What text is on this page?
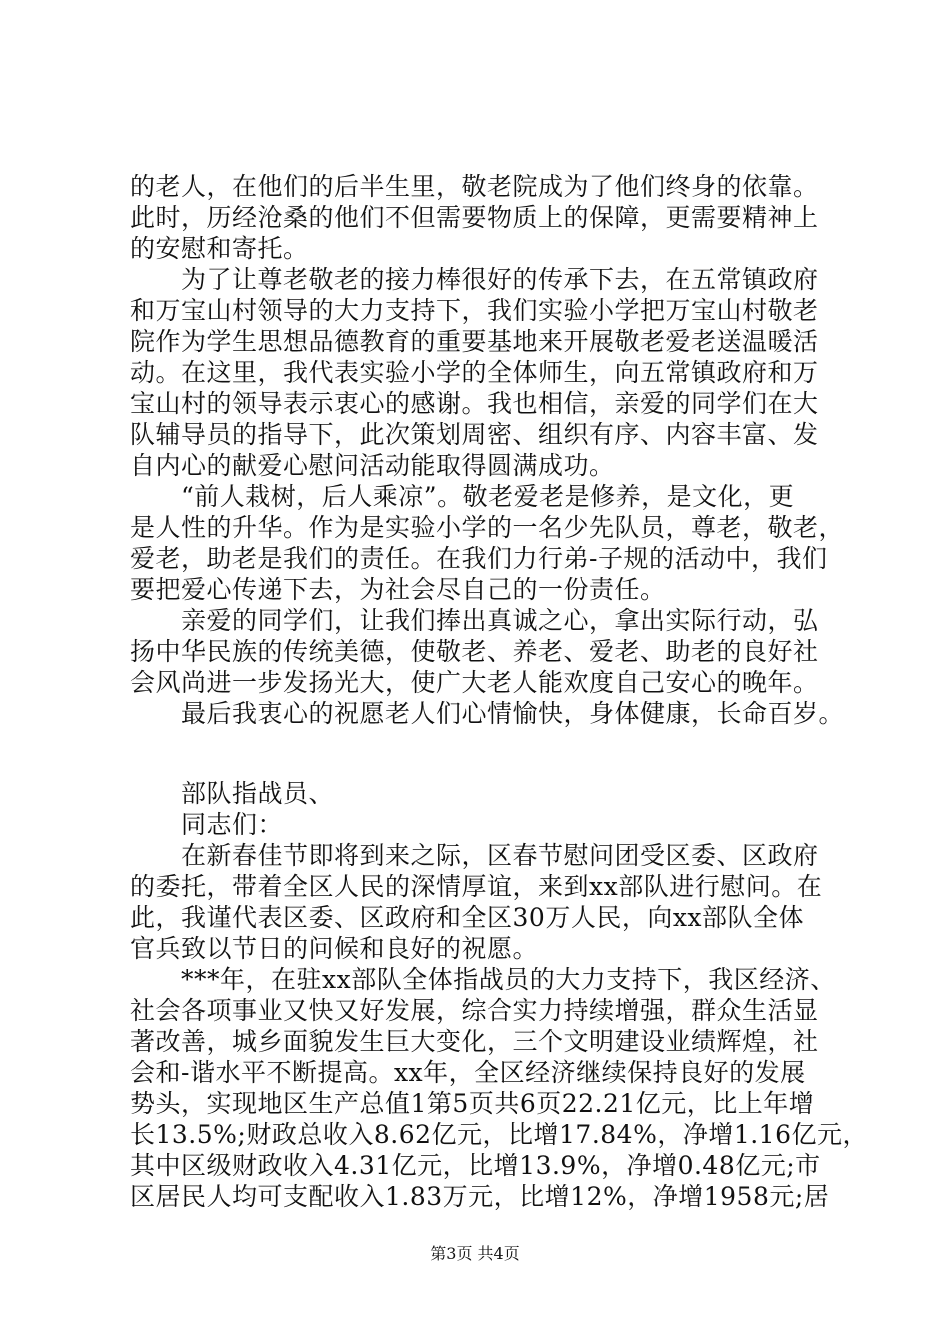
的老人，在他们的后半生里，敬老院成为了他们终身的依靠。
此时，历经沧桑的他们不但需要物质上的保障，更需要精神上
的安慰和寄托。
　　为了让尊老敬老的接力棒很好的传承下去，在五常镇政府
和万宝山村领导的大力支持下，我们实验小学把万宝山村敬老
院作为学生思想品德教育的重要基地来开展敬老爱老送温暖活
动。在这里，我代表实验小学的全体师生，向五常镇政府和万
宝山村的领导表示衷心的感谢。我也相信，亲爱的同学们在大
队辅导员的指导下，此次策划周密、组织有序、内容丰富、发
自内心的献爱心慰问活动能取得圆满成功。
　　“前人栽树，后人乘凉”。敬老爱老是修养，是文化，更
是人性的升华。作为是实验小学的一名少先队员，尊老，敬老，
爱老，助老是我们的责任。在我们力行弟-子规的活动中，我们
要把爱心传递下去，为社会尽自己的一份责任。
　　亲爱的同学们，让我们捧出真诚之心，拿出实际行动，弘
扬中华民族的传统美德，使敬老、养老、爱老、助老的良好社
会风尚进一步发扬光大，使广大老人能欢度自己安心的晚年。
　　最后我衷心的祝愿老人们心情愉快，身体健康，长命百岁。
　　部队指战员、
　　同志们：
　　在新春佳节即将到来之际，区春节慰问团受区委、区政府
的委托，带着全区人民的深情厚谊，来到xx部队进行慰问。在
此，我谨代表区委、区政府和全区30万人民，向xx部队全体
官兵致以节日的问候和良好的祝愿。
　　***年，在驻xx部队全体指战员的大力支持下，我区经济、
社会各项事业又快又好发展，综合实力持续增强，群众生活显
著改善，城乡面貌发生巨大变化，三个文明建设业绩辉煌，社
会和-谐水平不断提高。xx年，全区经济继续保持良好的发展
势头，实现地区生产总值1第5页共6页22.21亿元，比上年增
长13.5%;财政总收入8.62亿元，比增17.84%，净增1.16亿元，
其中区级财政收入4.31亿元，比增13.9%，净增0.48亿元;市
区居民人均可支配收入1.83万元，比增12%，净增1958元;居
第3页 共4页
